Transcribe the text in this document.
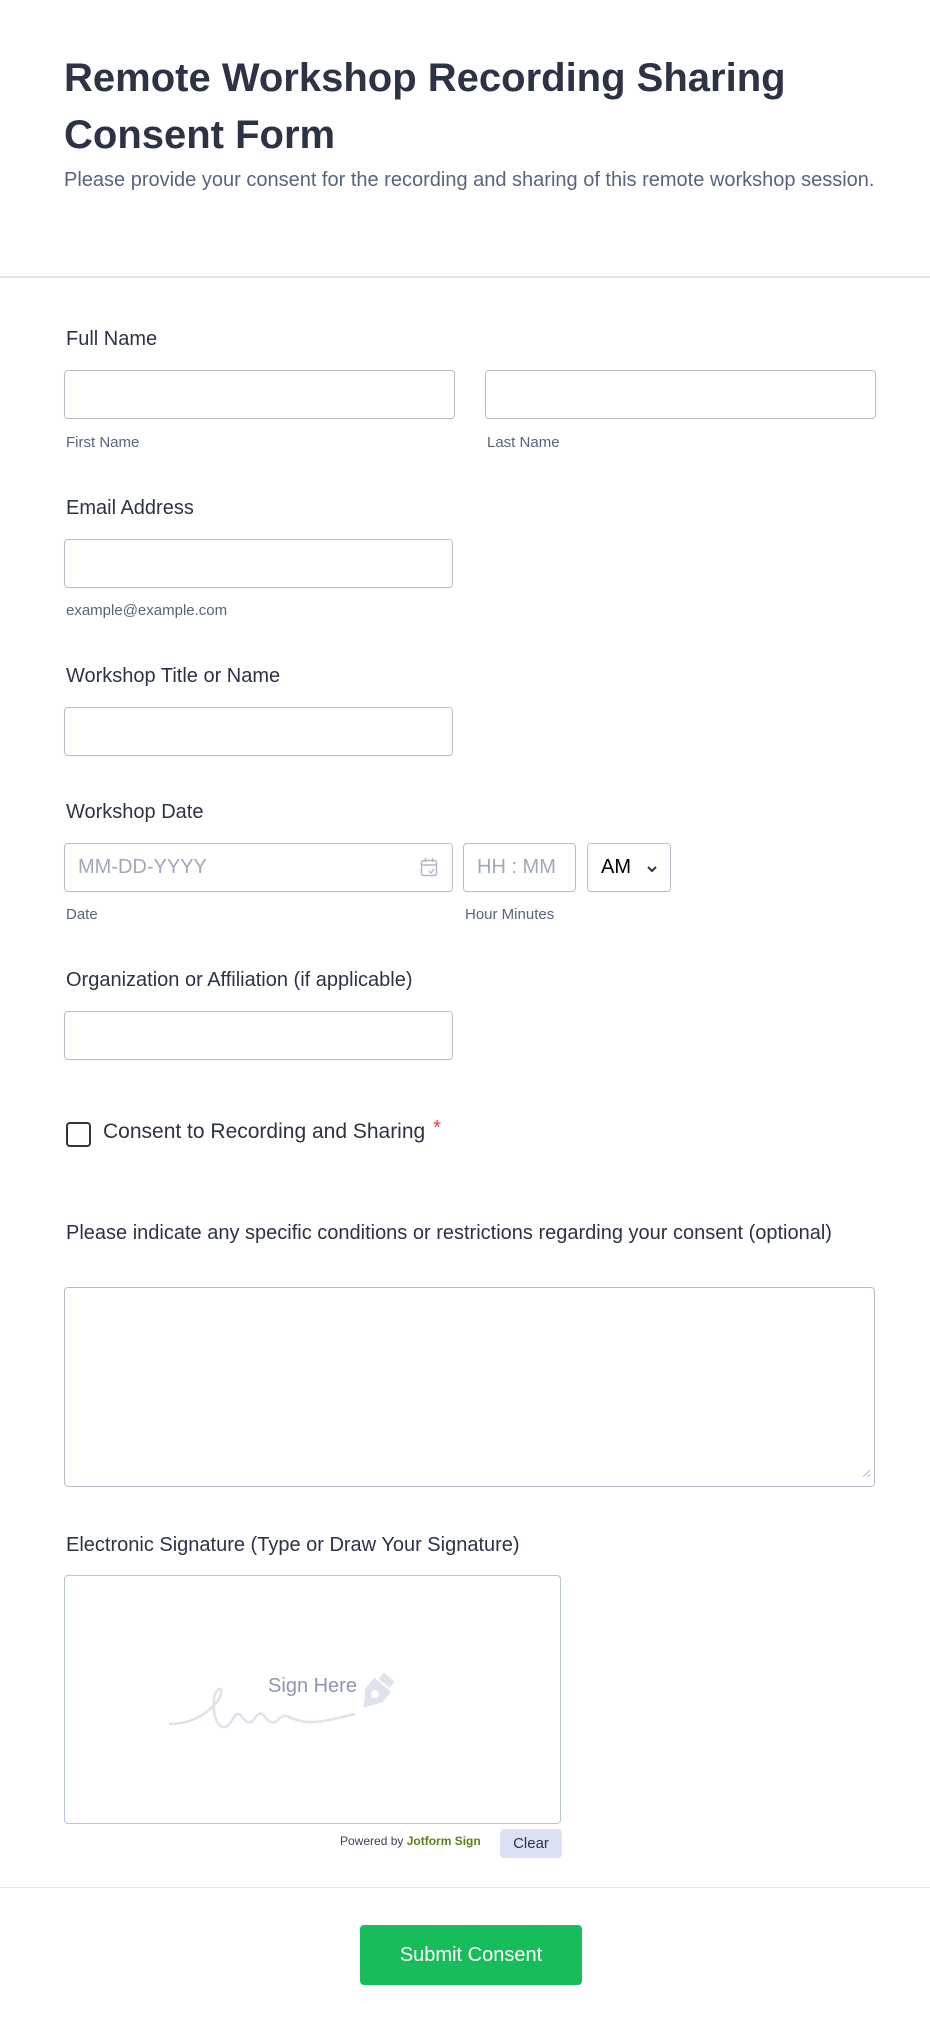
Remote Workshop Recording Sharing Consent Form
Please provide your consent for the recording and sharing of this remote workshop session.
Full Name
First Name	Last Name
Email Address
example@example.com
Workshop Title or Name
Workshop Date
MM-DD-YYYY	HH : MM AM
Date	Hour Minutes
Organization or Affiliation (if applicable)
Consent to Recording and Sharing *
Please indicate any specific conditions or restrictions regarding your consent (optional)
Electronic Signature (Type or Draw Your Signature)
Sign Here
Powered by Jotform Sign	Clear
Submit Consent
